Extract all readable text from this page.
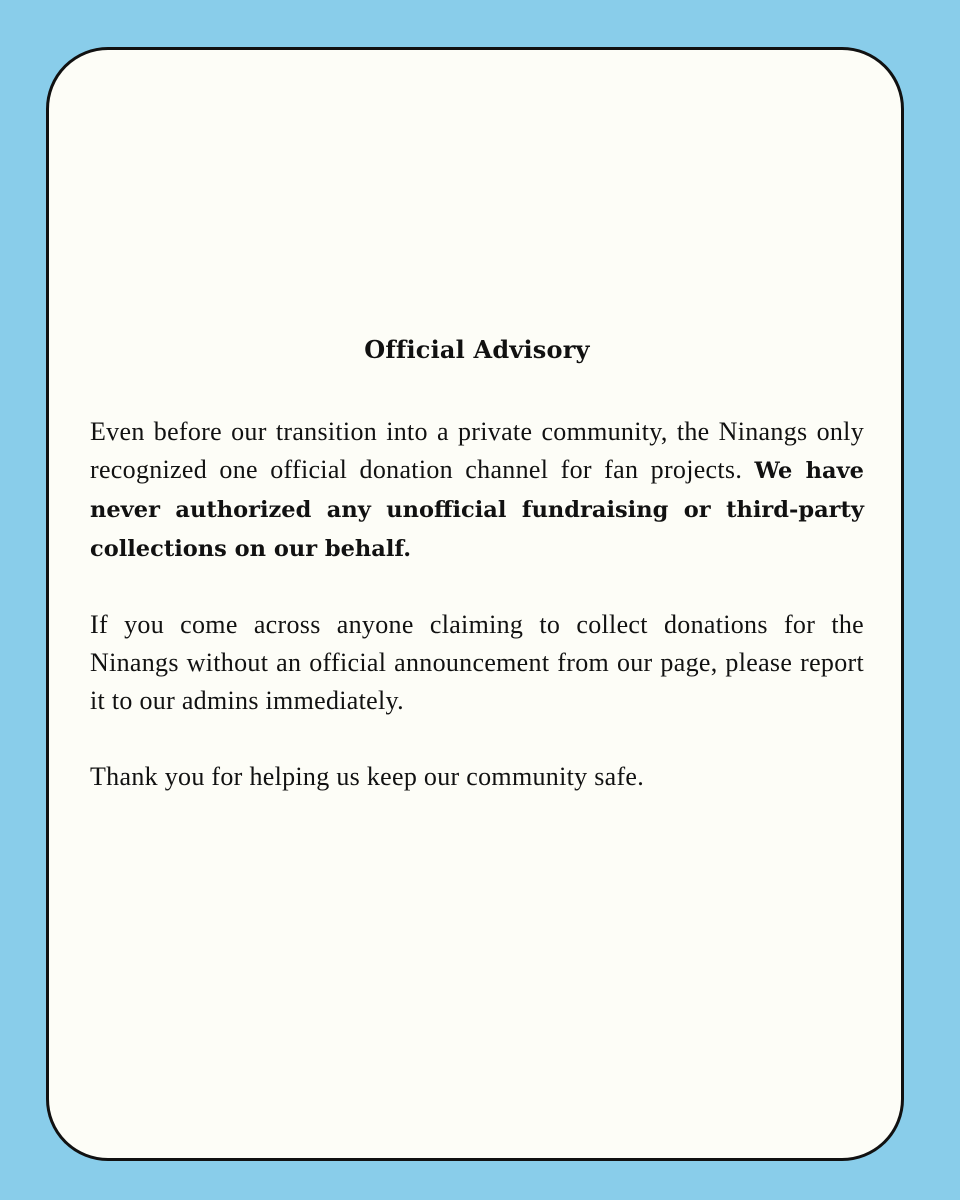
Official Advisory

Even before our transition into a private community, the Ninangs only recognized one official donation channel for fan projects. We have never authorized any unofficial fundraising or third-party collections on our behalf.

If you come across anyone claiming to collect donations for the Ninangs without an official announcement from our page, please report it to our admins immediately.

Thank you for helping us keep our community safe.
